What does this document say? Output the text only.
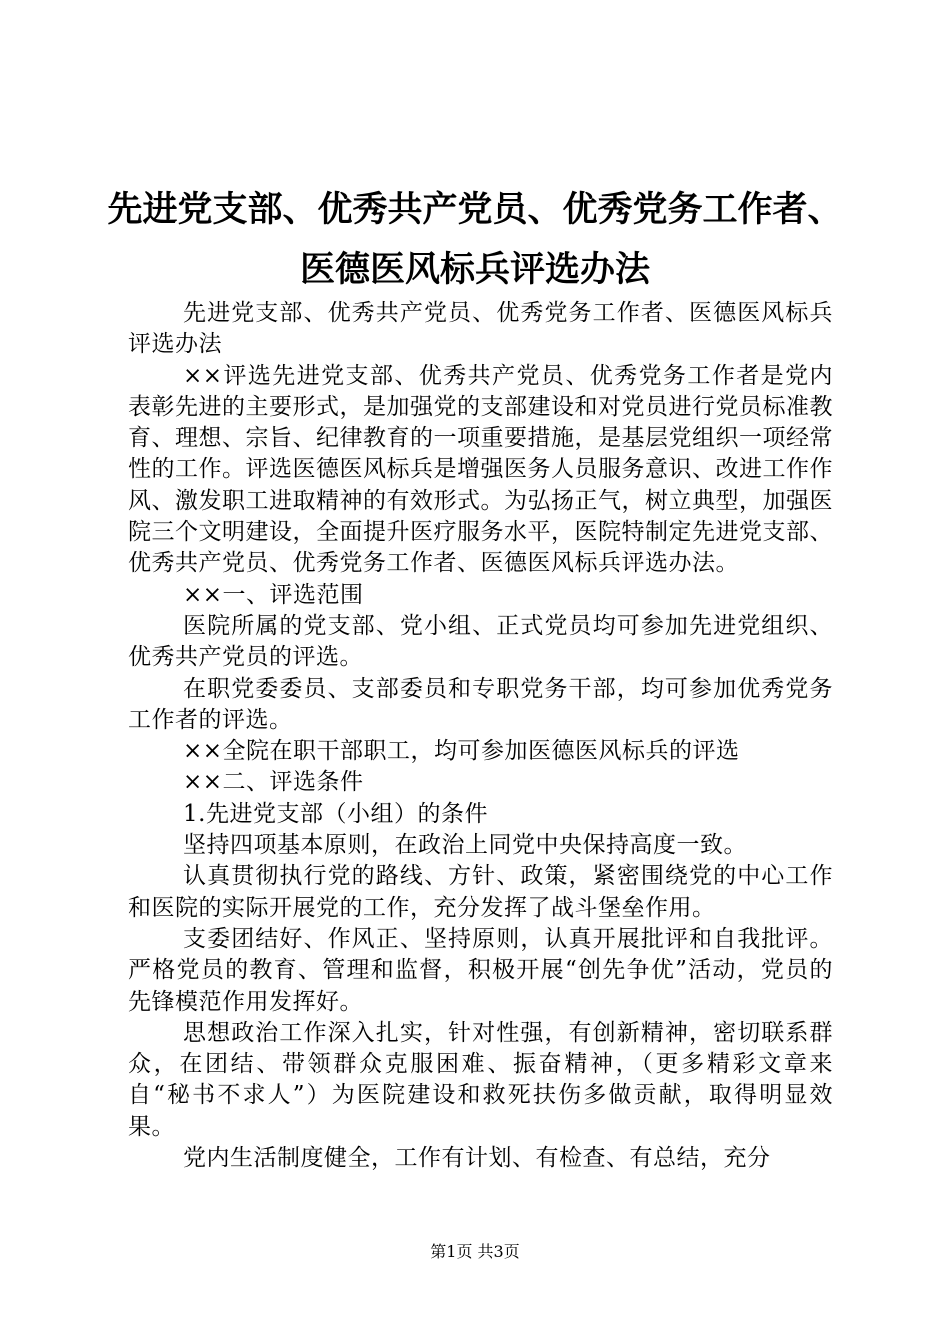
先进党支部、优秀共产党员、优秀党务工作者、
医德医风标兵评选办法

先进党支部、优秀共产党员、优秀党务工作者、医德医风标兵评选办法

××评选先进党支部、优秀共产党员、优秀党务工作者是党内表彰先进的主要形式，是加强党的支部建设和对党员进行党员标准教育、理想、宗旨、纪律教育的一项重要措施，是基层党组织一项经常性的工作。评选医德医风标兵是增强医务人员服务意识、改进工作作风、激发职工进取精神的有效形式。为弘扬正气，树立典型，加强医院三个文明建设，全面提升医疗服务水平，医院特制定先进党支部、优秀共产党员、优秀党务工作者、医德医风标兵评选办法。

××一、评选范围

医院所属的党支部、党小组、正式党员均可参加先进党组织、优秀共产党员的评选。

在职党委委员、支部委员和专职党务干部，均可参加优秀党务工作者的评选。

××全院在职干部职工，均可参加医德医风标兵的评选

××二、评选条件

1.先进党支部（小组）的条件

坚持四项基本原则，在政治上同党中央保持高度一致。

认真贯彻执行党的路线、方针、政策，紧密围绕党的中心工作和医院的实际开展党的工作，充分发挥了战斗堡垒作用。

支委团结好、作风正、坚持原则，认真开展批评和自我批评。严格党员的教育、管理和监督，积极开展“创先争优”活动，党员的先锋模范作用发挥好。

思想政治工作深入扎实，针对性强，有创新精神，密切联系群众，在团结、带领群众克服困难、振奋精神，（更多精彩文章来自“秘书不求人”）为医院建设和救死扶伤多做贡献，取得明显效果。

党内生活制度健全，工作有计划、有检查、有总结，充分

第1页 共3页
